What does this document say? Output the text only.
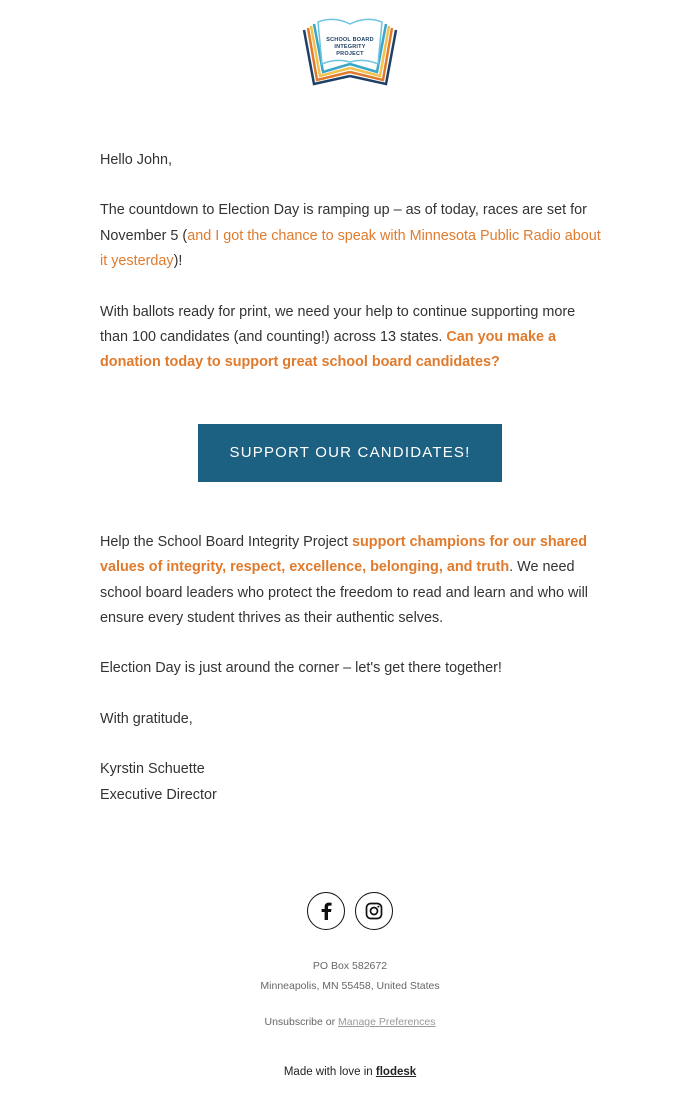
SCHOOL BOARD
INTEGRITY
PROJECT

Hello John,

The countdown to Election Day is ramping up – as of today, races are set for November 5 (and I got the chance to speak with Minnesota Public Radio about it yesterday)!

With ballots ready for print, we need your help to continue supporting more than 100 candidates (and counting!) across 13 states. Can you make a donation today to support great school board candidates?

SUPPORT OUR CANDIDATES!

Help the School Board Integrity Project support champions for our shared values of integrity, respect, excellence, belonging, and truth. We need school board leaders who protect the freedom to read and learn and who will ensure every student thrives as their authentic selves.

Election Day is just around the corner – let's get there together!

With gratitude,

Kyrstin Schuette
Executive Director

PO Box 582672
Minneapolis, MN 55458, United States
Unsubscribe or Manage Preferences
Made with love in flodesk
